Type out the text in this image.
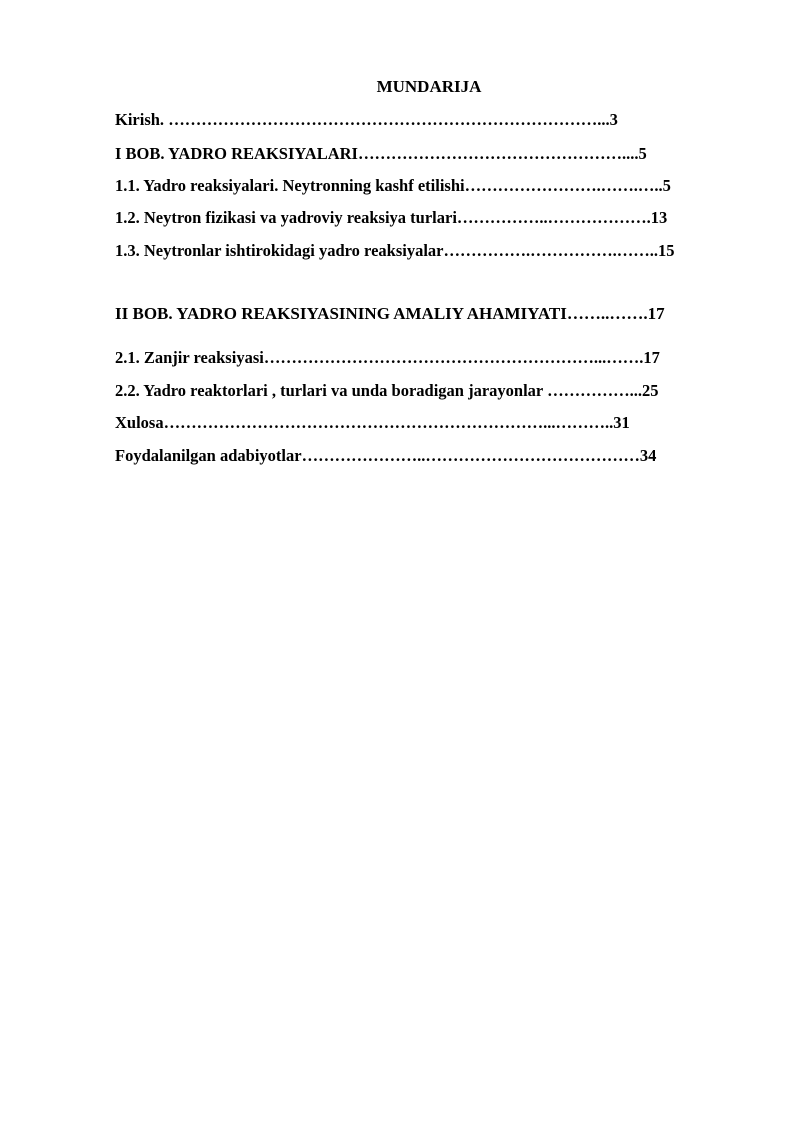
MUNDARIJA
Kirish. ……………………………………………………………………...3
I BOB. YADRO REAKSIYALARI…………………………………………....5
1.1. Yadro reaksiyalari. Neytronning kashf etilishi…………………….…….…..5
1.2. Neytron fizikasi va yadroviy reaksiya turlari……………..……………….13
1.3. Neytronlar ishtirokidagi yadro reaksiyalar…………….…………….……..15
II BOB. YADRO REAKSIYASINING AMALIY AHAMIYATI……..…….17
2.1. Zanjir reaksiyasi……………………………………………………...…….17
2.2. Yadro reaktorlari , turlari va unda boradigan jarayonlar ……………...25
Xulosa……………………………………………………………...………..31
Foydalanilgan adabiyotlar…………………..…………………………………34
